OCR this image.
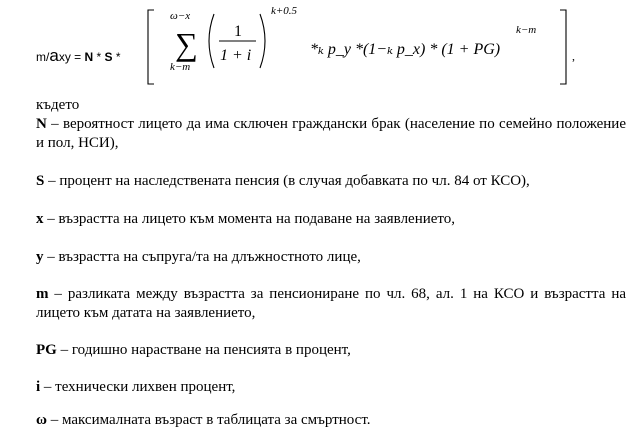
m/axy = N * S *
ω−x
∑
k−m
1
1 + i
k+0.5
*ₖ p_y *(1−ₖ p_x) * (1 + PG)
k−m
,
където
N – вероятност лицето да има сключен граждански брак (население по семейно положение и пол, НСИ),
S – процент на наследствената пенсия (в случая добавката по чл. 84 от КСО),
x – възрастта на лицето към момента на подаване на заявлението,
y – възрастта на съпруга/та на длъжностното лице,
m – разликата между възрастта за пенсиониране по чл. 68, ал. 1 на КСО и възрастта на лицето към датата на заявлението,
PG – годишно нарастване на пенсията в процент,
i – технически лихвен процент,
ω – максималната възраст в таблицата за смъртност.
